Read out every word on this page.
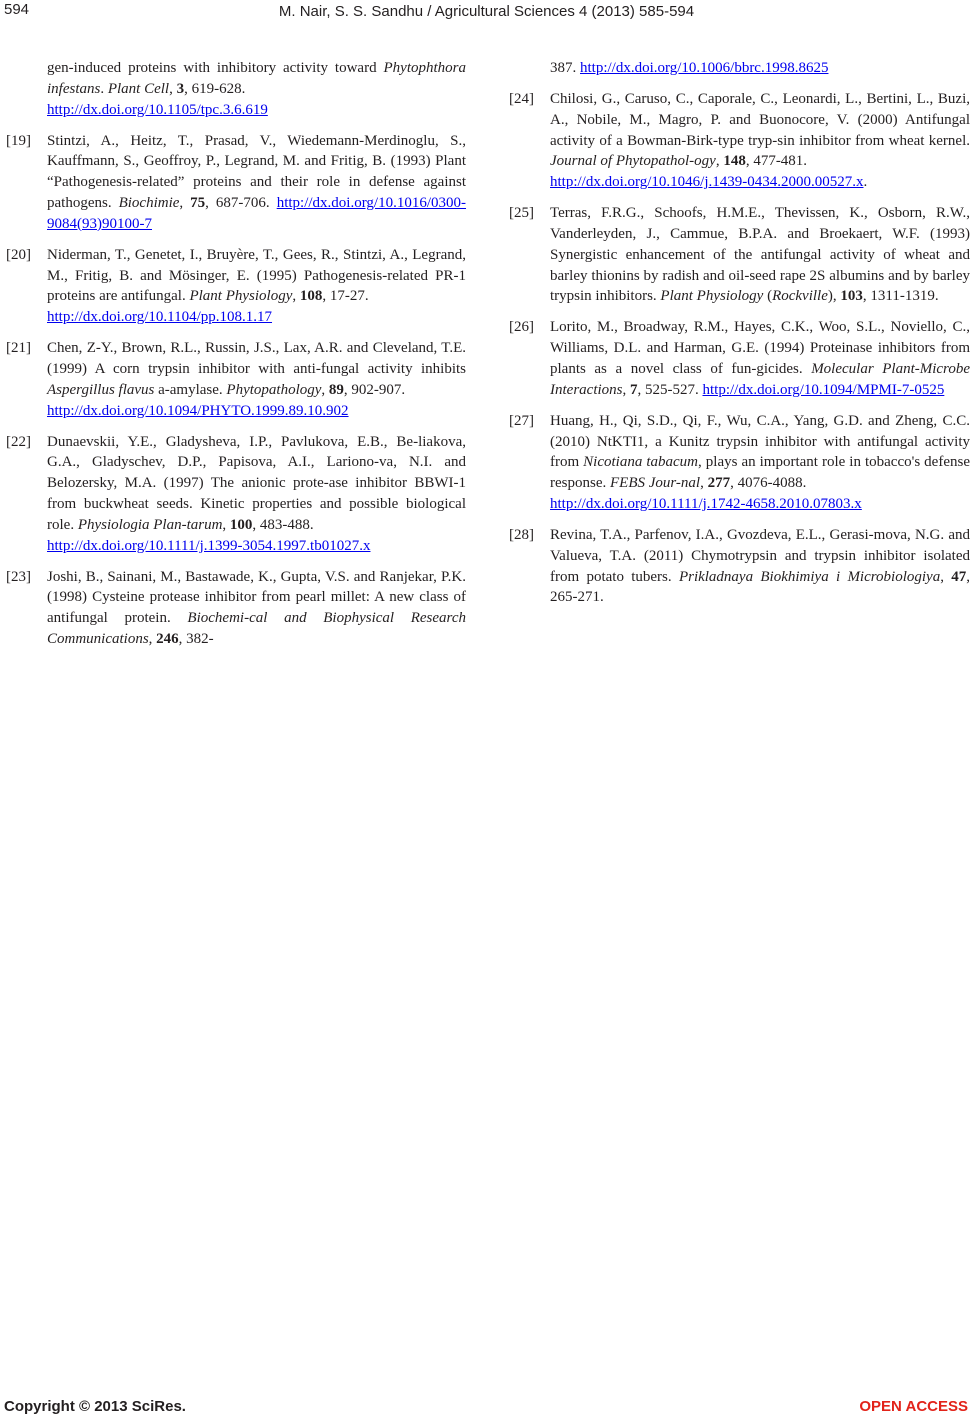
594	M. Nair, S. S. Sandhu / Agricultural Sciences 4 (2013) 585-594
gen-induced proteins with inhibitory activity toward Phytophthora infestans. Plant Cell, 3, 619-628.
http://dx.doi.org/10.1105/tpc.3.6.619
[19] Stintzi, A., Heitz, T., Prasad, V., Wiedemann-Merdinoglu, S., Kauffmann, S., Geoffroy, P., Legrand, M. and Fritig, B. (1993) Plant “Pathogenesis-related” proteins and their role in defense against pathogens. Biochimie, 75, 687-706. http://dx.doi.org/10.1016/0300-9084(93)90100-7
[20] Niderman, T., Genetet, I., Bruyère, T., Gees, R., Stintzi, A., Legrand, M., Fritig, B. and Mösinger, E. (1995) Pathogenesis-related PR-1 proteins are antifungal. Plant Physiology, 108, 17-27.
http://dx.doi.org/10.1104/pp.108.1.17
[21] Chen, Z-Y., Brown, R.L., Russin, J.S., Lax, A.R. and Cleveland, T.E. (1999) A corn trypsin inhibitor with anti-fungal activity inhibits Aspergillus flavus a-amylase. Phytopathology, 89, 902-907.
http://dx.doi.org/10.1094/PHYTO.1999.89.10.902
[22] Dunaevskii, Y.E., Gladysheva, I.P., Pavlukova, E.B., Be-liakova, G.A., Gladyschev, D.P., Papisova, A.I., Lariono-va, N.I. and Belozersky, M.A. (1997) The anionic prote-ase inhibitor BBWI-1 from buckwheat seeds. Kinetic properties and possible biological role. Physiologia Plan-tarum, 100, 483-488.
http://dx.doi.org/10.1111/j.1399-3054.1997.tb01027.x
[23] Joshi, B., Sainani, M., Bastawade, K., Gupta, V.S. and Ranjekar, P.K. (1998) Cysteine protease inhibitor from pearl millet: A new class of antifungal protein. Biochemi-cal and Biophysical Research Communications, 246, 382-
387. http://dx.doi.org/10.1006/bbrc.1998.8625
[24] Chilosi, G., Caruso, C., Caporale, C., Leonardi, L., Bertini, L., Buzi, A., Nobile, M., Magro, P. and Buonocore, V. (2000) Antifungal activity of a Bowman-Birk-type tryp-sin inhibitor from wheat kernel. Journal of Phytopathol-ogy, 148, 477-481.
http://dx.doi.org/10.1046/j.1439-0434.2000.00527.x.
[25] Terras, F.R.G., Schoofs, H.M.E., Thevissen, K., Osborn, R.W., Vanderleyden, J., Cammue, B.P.A. and Broekaert, W.F. (1993) Synergistic enhancement of the antifungal activity of wheat and barley thionins by radish and oil-seed rape 2S albumins and by barley trypsin inhibitors. Plant Physiology (Rockville), 103, 1311-1319.
[26] Lorito, M., Broadway, R.M., Hayes, C.K., Woo, S.L., Noviello, C., Williams, D.L. and Harman, G.E. (1994) Proteinase inhibitors from plants as a novel class of fun-gicides. Molecular Plant-Microbe Interactions, 7, 525-527. http://dx.doi.org/10.1094/MPMI-7-0525
[27] Huang, H., Qi, S.D., Qi, F., Wu, C.A., Yang, G.D. and Zheng, C.C. (2010) NtKTI1, a Kunitz trypsin inhibitor with antifungal activity from Nicotiana tabacum, plays an important role in tobacco's defense response. FEBS Jour-nal, 277, 4076-4088.
http://dx.doi.org/10.1111/j.1742-4658.2010.07803.x
[28] Revina, T.A., Parfenov, I.A., Gvozdeva, E.L., Gerasi-mova, N.G. and Valueva, T.A. (2011) Chymotrypsin and trypsin inhibitor isolated from potato tubers. Prikladnaya Biokhimiya i Microbiologiya, 47, 265-271.
Copyright © 2013 SciRes.	OPEN ACCESS
